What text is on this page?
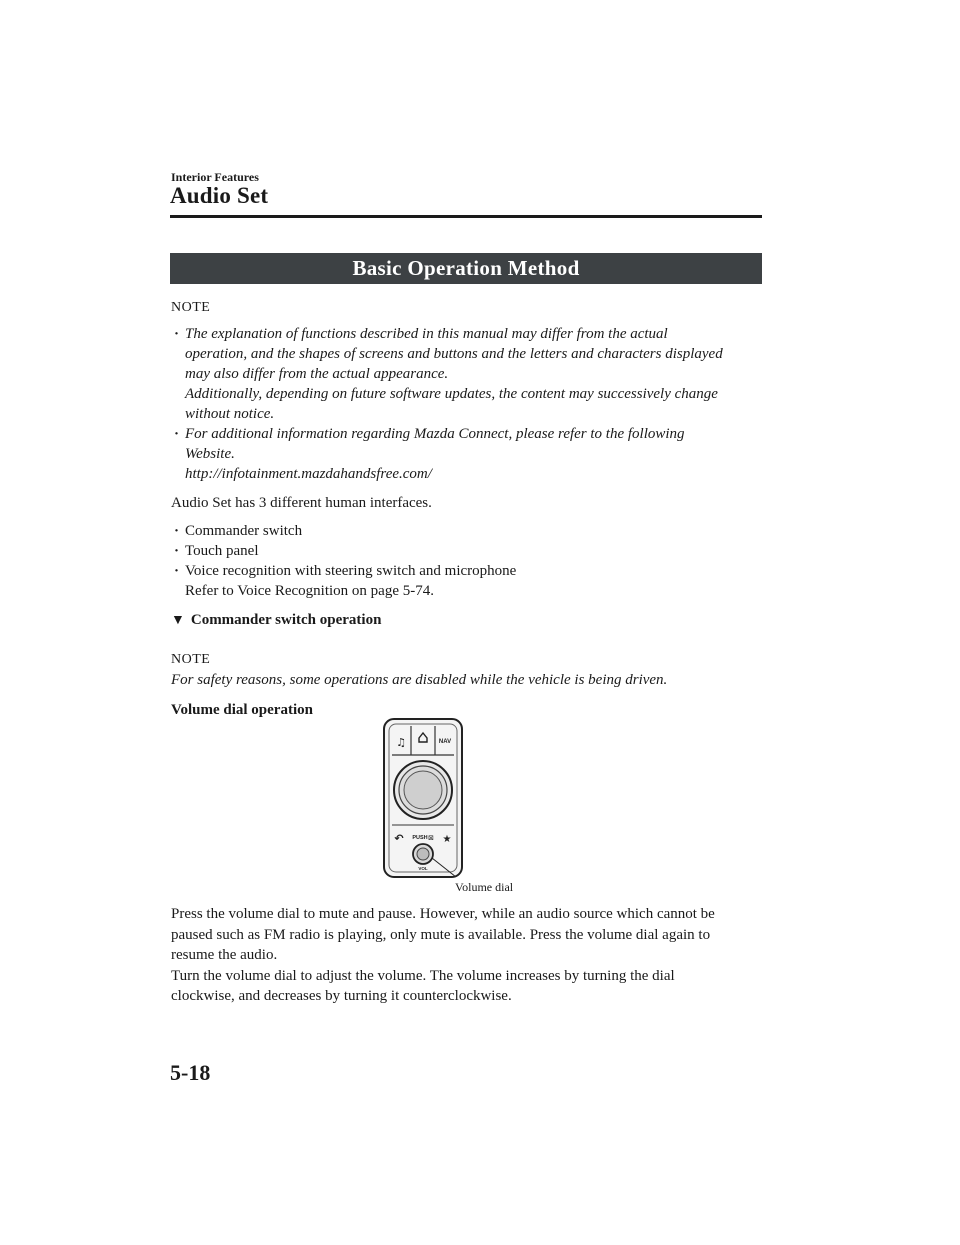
Interior Features
Audio Set
Basic Operation Method
NOTE
· The explanation of functions described in this manual may differ from the actual
operation, and the shapes of screens and buttons and the letters and characters displayed
may also differ from the actual appearance.
Additionally, depending on future software updates, the content may successively change
without notice.
· For additional information regarding Mazda Connect, please refer to the following
Website.
http://infotainment.mazdahandsfree.com/
Audio Set has 3 different human interfaces.
· Commander switch
· Touch panel
· Voice recognition with steering switch and microphone
Refer to Voice Recognition on page 5-74.
▼ Commander switch operation
NOTE
For safety reasons, some operations are disabled while the vehicle is being driven.
Volume dial operation
♫	NAV
↶	★
PUSH ⊠
VOL
Volume dial
Press the volume dial to mute and pause. However, while an audio source which cannot be
paused such as FM radio is playing, only mute is available. Press the volume dial again to
resume the audio.
Turn the volume dial to adjust the volume. The volume increases by turning the dial
clockwise, and decreases by turning it counterclockwise.
5-18
